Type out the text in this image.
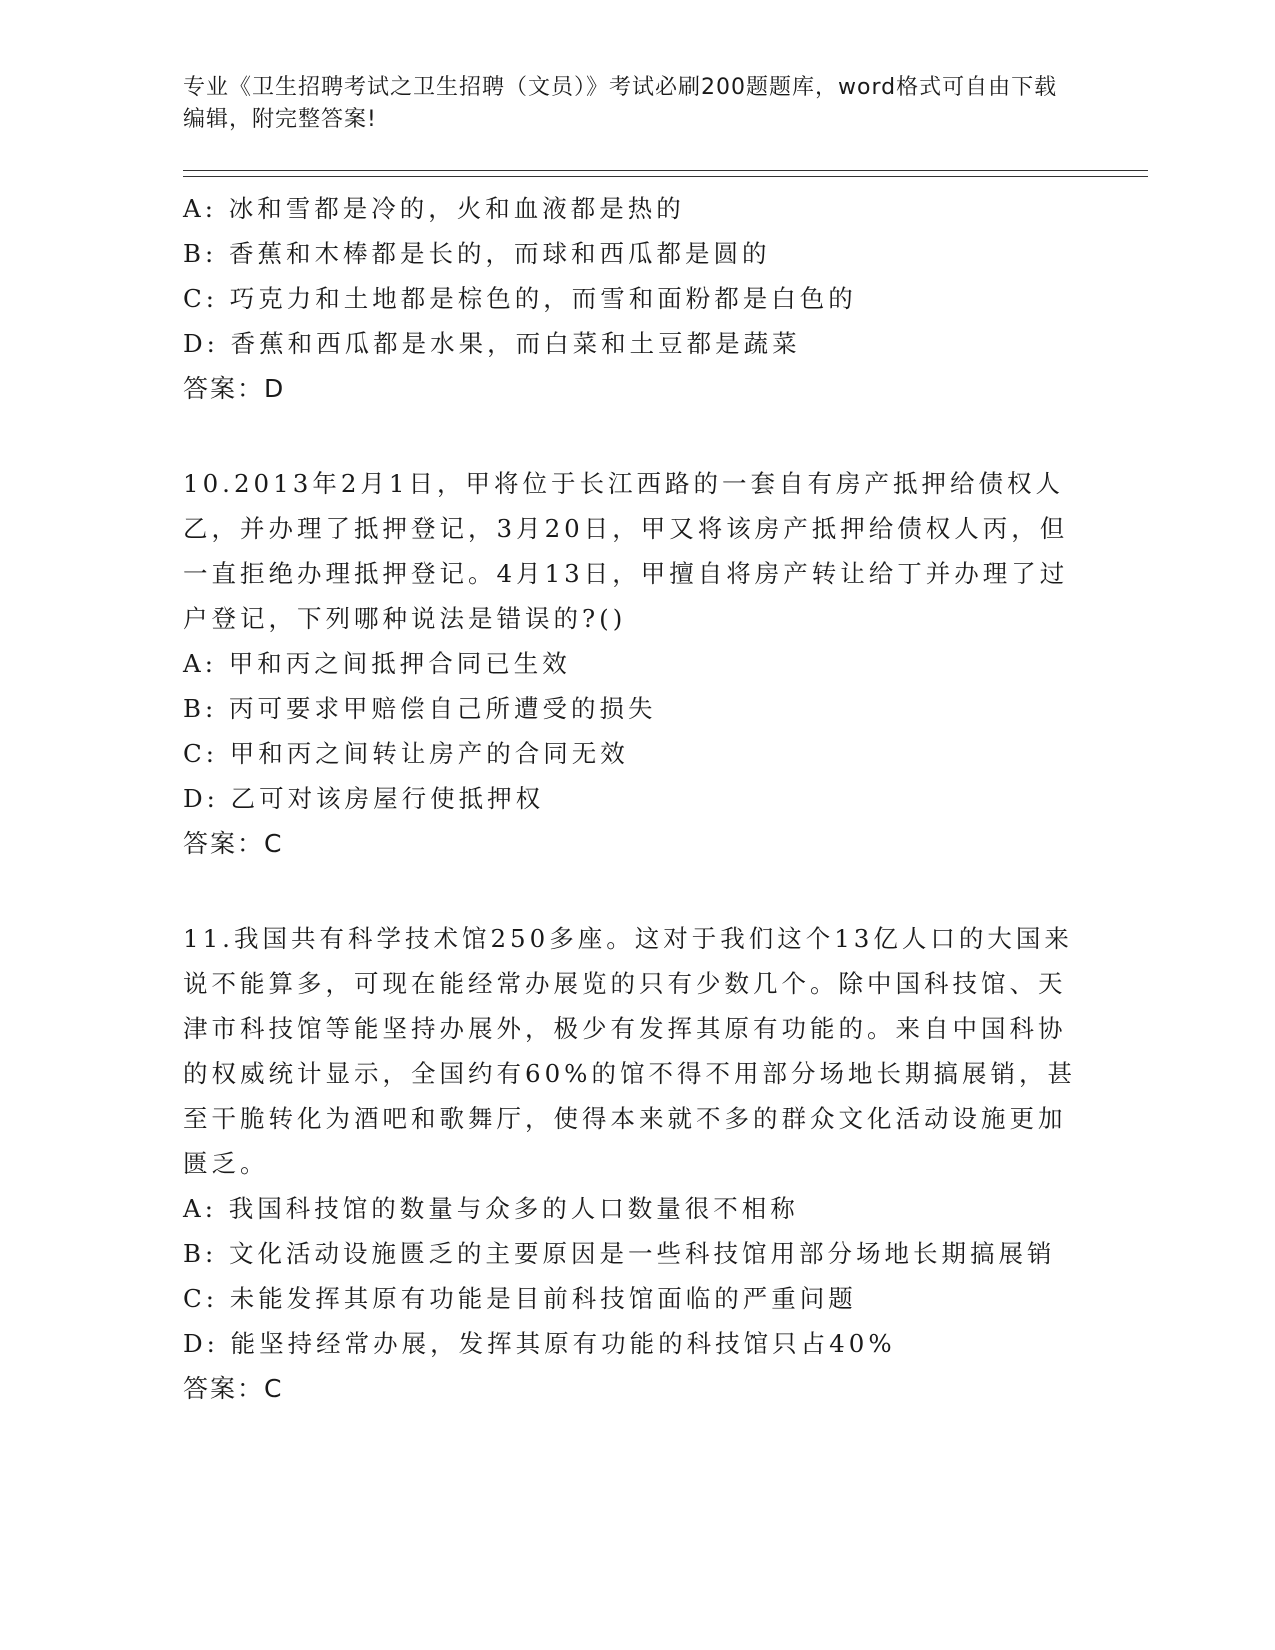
专业《卫生招聘考试之卫生招聘（文员）》考试必刷200题题库，word格式可自由下载编辑，附完整答案!

A: 冰和雪都是冷的，火和血液都是热的

B: 香蕉和木棒都是长的，而球和西瓜都是圆的

C: 巧克力和土地都是棕色的，而雪和面粉都是白色的

D: 香蕉和西瓜都是水果，而白菜和土豆都是蔬菜

答案：D

10.2013年2月1日，甲将位于长江西路的一套自有房产抵押给债权人乙，并办理了抵押登记，3月20日，甲又将该房产抵押给债权人丙，但一直拒绝办理抵押登记。4月13日，甲擅自将房产转让给丁并办理了过户登记，下列哪种说法是错误的?()

A: 甲和丙之间抵押合同已生效

B: 丙可要求甲赔偿自己所遭受的损失

C: 甲和丙之间转让房产的合同无效

D: 乙可对该房屋行使抵押权

答案：C

11.我国共有科学技术馆250多座。这对于我们这个13亿人口的大国来说不能算多，可现在能经常办展览的只有少数几个。除中国科技馆、天津市科技馆等能坚持办展外，极少有发挥其原有功能的。来自中国科协的权威统计显示，全国约有60%的馆不得不用部分场地长期搞展销，甚至干脆转化为酒吧和歌舞厅，使得本来就不多的群众文化活动设施更加匮乏。

A: 我国科技馆的数量与众多的人口数量很不相称

B: 文化活动设施匮乏的主要原因是一些科技馆用部分场地长期搞展销

C: 未能发挥其原有功能是目前科技馆面临的严重问题

D: 能坚持经常办展，发挥其原有功能的科技馆只占40%

答案：C
